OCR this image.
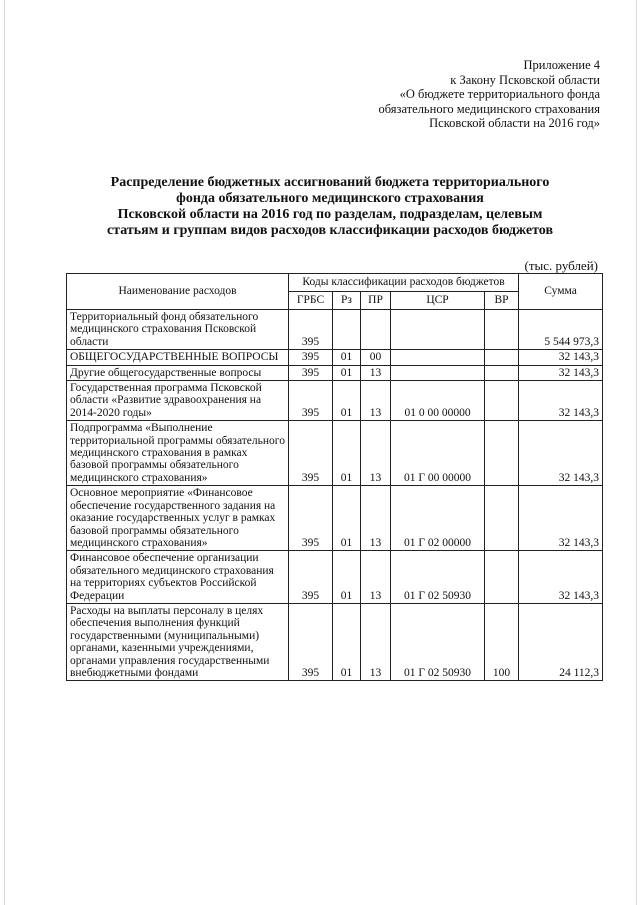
Приложение 4
к Закону Псковской области
«О бюджете территориального фонда
обязательного медицинского страхования
Псковской области на 2016 год»
Распределение бюджетных ассигнований бюджета территориального
фонда обязательного медицинского страхования
Псковской области на 2016 год по разделам, подразделам, целевым
статьям и группам видов расходов классификации расходов бюджетов
(тыс. рублей)
Наименование расходов	Коды классификации расходов бюджетов					Сумма
	ГРБС	Рз	ПР	ЦСР	ВР	
Территориальный фонд обязательного медицинского страхования Псковской области	395					5 544 973,3
ОБЩЕГОСУДАРСТВЕННЫЕ ВОПРОСЫ	395	01	00			32 143,3
Другие общегосударственные вопросы	395	01	13			32 143,3
Государственная программа Псковской области «Развитие здравоохранения на 2014-2020 годы»	395	01	13	01 0 00 00000		32 143,3
Подпрограмма «Выполнение территориальной программы обязательного медицинского страхования в рамках базовой программы обязательного медицинского страхования»	395	01	13	01 Г 00 00000		32 143,3
Основное мероприятие «Финансовое обеспечение государственного задания на оказание государственных услуг в рамках базовой программы обязательного медицинского страхования»	395	01	13	01 Г 02 00000		32 143,3
Финансовое обеспечение организации обязательного медицинского страхования на территориях субъектов Российской Федерации	395	01	13	01 Г 02 50930		32 143,3
Расходы на выплаты персоналу в целях обеспечения выполнения функций государственными (муниципальными) органами, казенными учреждениями, органами управления государственными внебюджетными фондами	395	01	13	01 Г 02 50930	100	24 112,3
